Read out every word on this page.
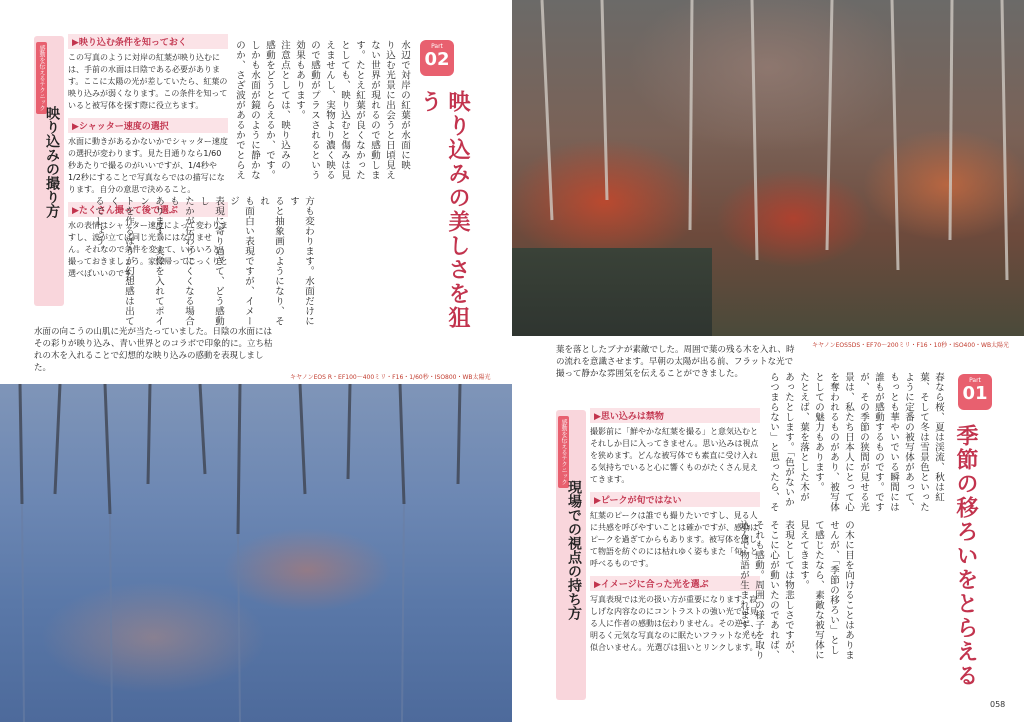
感動を伝えるテクニック
映り込みの撮り方
▶映り込む条件を知っておく
この写真のように対岸の紅葉が映り込むには、手前の水面は日陰である必要があります。ここに太陽の光が差していたら、紅葉の映り込みが弱くなります。この条件を知っていると被写体を探す際に役立ちます。
▶シャッター速度の選択
水面に動きがあるかないかでシャッター速度の選択が変わります。見た目通りなら1/60秒あたりで撮るのがいいですが、1/4秒や1/2秒にすることで写真ならではの描写になります。自分の意思で決めること。
▶たくさん撮って後で選ぶ
水の表情はシャッター速度によって変わりますし、波が立てば同じ光景にはなりません。それなので条件を変えて、いろいろと撮っておきましょう。家に帰ってじっくりと選べばいいのです。
水辺で対岸の紅葉が水面に映
り込む光景に出会うと日頃見え
ない世界が現れるので感動しま
す。たとえ紅葉が良くなかった
としても、映り込むと傷みは見
えませんし、実物より濃く映る
ので感動がプラスされるという
効果もあります。
注意点としては、映り込みの
感動をどうとらえるか、です。
しかも水面が鏡のように静かな
のか、さざ波があるかでとらえ

方も変わります。水面だけにす
ると抽象画のようになり、それ
も面白い表現ですが、イメージ
表現に寄り過ぎて、どう感動し
たかが伝わりにくくなる場合も
あります。実像を入れてポイン
トを作るほうが幻想感は出てく
るでしょう。	映り込みの美しさを狙う
Part
02
水面の向こうの山肌に光が当たっていました。日陰の水面にはその彩りが映り込み、青い世界とのコラボで印象的に。立ち枯れの木を入れることで幻想的な映り込みの感動を表現しました。
キヤノンEOS R・EF100〜400ミリ・F16・1/60秒・ISO800・WB太陽光
キヤノンEOS5DS・EF70〜200ミリ・F16・10秒・ISO400・WB太陽光
葉を落としたブナが素敵でした。周囲で葉の残る木を入れ、時の流れを意識させます。早朝の太陽が出る前、フラットな光で撮って静かな雰囲気を伝えることができました。
感動を伝えるテクニック
現場での視点の持ち方
▶思い込みは禁物
撮影前に「鮮やかな紅葉を撮る」と意気込むとそれしか目に入ってきません。思い込みは視点を狭めます。どんな被写体でも素直に受け入れる気持ちでいると心に響くものがたくさん見えてきます。
▶ピークが旬ではない
紅葉のピークは誰でも撮りたいですし、見る人に共感を呼びやすいことは確かですが、感動はピークを過ぎてからもあります。被写体を通して物語を紡ぐのには枯れゆく姿もまた「旬」と呼べるものです。
▶イメージに合った光を選ぶ
写真表現では光の扱い方が重要になります。寂しげな内容なのにコントラストの強い光では見る人に作者の感動は伝わりません。その逆に、明るく元気な写真なのに眠たいフラットな光も似合いません。光選びは狙いとリンクします。
春なら桜、夏は渓流、秋は紅
葉、そして冬は雪景色といった
ように定番の被写体があって、
もっとも華やいでいる瞬間には
誰もが感動するものです。です
が、その季節の狭間が見せる光
景は、私たち日本人にとって心
を奪われるものがあり、被写体
としての魅力もあります。
たとえば、葉を落とした木が
あったとします。「色がないか
らつまらない」と思ったら、そ

の木に目を向けることはありま
せんが、「季節の移ろい」とし
て感じたなら、素敵な被写体に
見えてきます。
表現としては物悲しさですが、
そこに心が動いたのであれば、
それも感動。周囲の様子を取り
込んで物語が生まれます。	季節の移ろいをとらえる
Part
01
058
